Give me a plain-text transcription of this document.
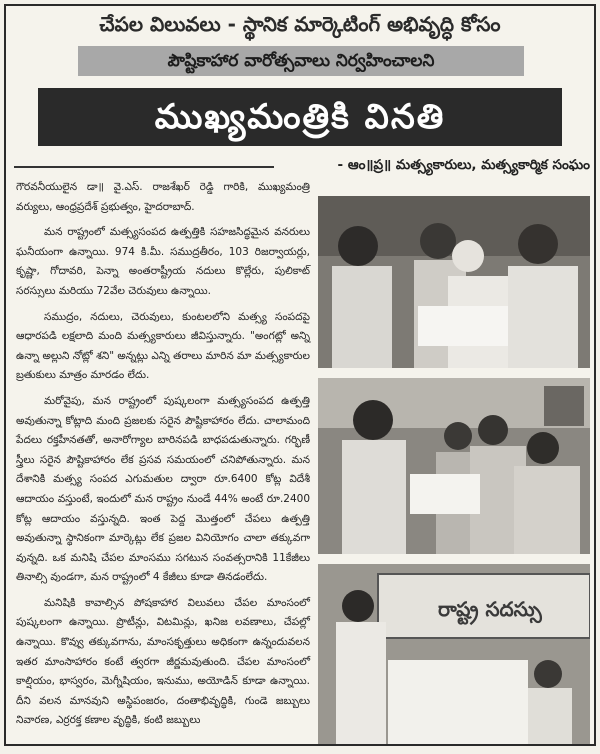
చేపల విలువలు - స్థానిక మార్కెటింగ్ అభివృద్ధి కోసం
పౌష్టికాహార వారోత్సవాలు నిర్వహించాలని
ముఖ్యమంత్రికి వినతి
- ఆం॥ప్ర॥ మత్స్యకారులు, మత్స్యకార్మిక సంఘం

గౌరవనీయులైన డా॥ వై.ఎస్. రాజశేఖర్ రెడ్డి గారికి, ముఖ్యమంత్రి వర్యులు, ఆంధ్రప్రదేశ్ ప్రభుత్వం, హైదరాబాద్.

మన రాష్ట్రంలో మత్స్యసంపద ఉత్పత్తికి సహజసిద్ధమైన వనరులు ఘనీయంగా ఉన్నాయి. 974 కి.మీ. సముద్రతీరం, 103 రిజర్వాయర్లు, కృష్ణా, గోదావరి, పెన్నా అంతరాష్ట్రీయ నదులు కొల్లేరు, పులికాట్ సరస్సులు మరియు 72వేల చెరువులు ఉన్నాయి.

సముద్రం, నదులు, చెరువులు, కుంటలలోని మత్స్య సంపదపై ఆధారపడి లక్షలాది మంది మత్స్యకారులు జీవిస్తున్నారు. "అంగట్లో అన్ని ఉన్నా అల్లుని నోట్లో శని" అన్నట్లు ఎన్ని తరాలు మారిన మా మత్స్యకారుల బ్రతుకులు మాత్రం మారడం లేదు.

మరోవైపు, మన రాష్ట్రంలో పుష్కలంగా మత్స్యసంపద ఉత్పత్తి అవుతున్నా కోట్లాది మంది ప్రజలకు సరైన పౌష్టికాహారం లేదు. చాలామంది పేదలు రక్తహీనతతో, అనారోగ్యాల బారినపడి బాధపడుతున్నారు. గర్భిణీ స్త్రీలు సరైన పౌష్టికాహారం లేక ప్రసవ సమయంలో చనిపోతున్నారు. మన దేశానికి మత్స్య సంపద ఎగుమతుల ద్వారా రూ.6400 కోట్ల విదేశీ ఆదాయం వస్తుంటే, ఇందులో మన రాష్ట్రం నుండే 44% అంటే రూ.2400 కోట్ల ఆదాయం వస్తున్నది. ఇంత పెద్ద మొత్తంలో చేపలు ఉత్పత్తి అవుతున్నా స్థానికంగా మార్కెట్లు లేక ప్రజల వినియోగం చాలా తక్కువగా వున్నది. ఒక మనిషి చేపల మాంసము సగటున సంవత్సరానికి 11కేజీలు తినాల్సి వుండగా, మన రాష్ట్రంలో 4 కేజీలు కూడా తినడంలేదు.

మనిషికి కావాల్సిన పోషకాహార విలువలు చేపల మాంసంలో పుష్కలంగా ఉన్నాయి. ప్రొటీన్లు, విటమిన్లు, ఖనిజ లవణాలు, చేపల్లో ఉన్నాయి. కొవ్వు తక్కువగాను, మాంసకృత్తులు అధికంగా ఉన్నందువలన ఇతర మాంసాహారం కంటే త్వరగా జీర్ణమవుతుంది. చేపల మాంసంలో కాల్షియం, భాస్వరం, మెగ్నీషియం, ఇనుము, అయోడిన్ కూడా ఉన్నాయి. దీని వలన మానవుని అస్థిపంజరం, దంతాభివృద్ధికి, గుండె జబ్బులు నివారణ, ఎర్రరక్త కణాల వృద్ధికి, కంటి జబ్బులు

రాష్ట్ర సదస్సు
